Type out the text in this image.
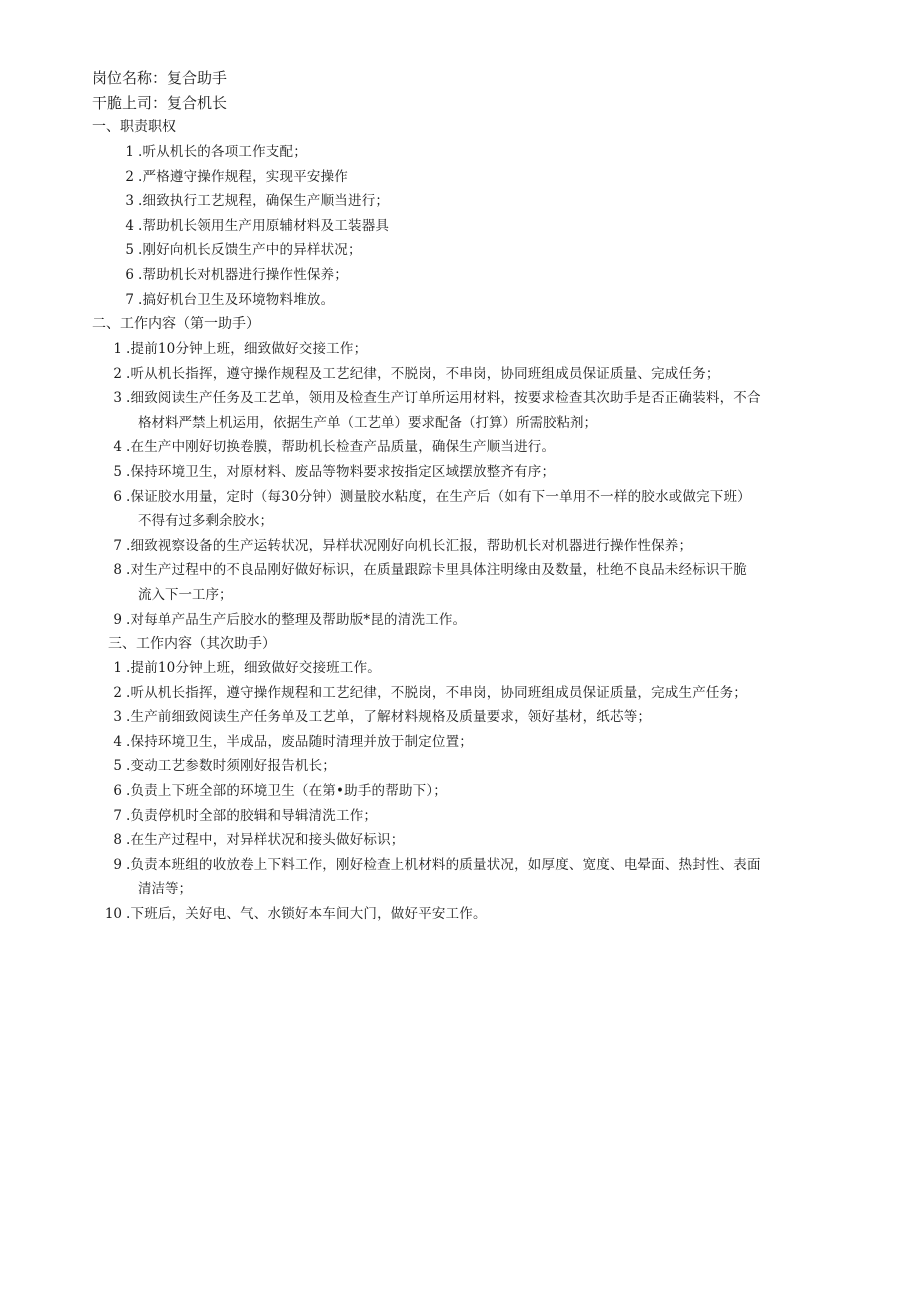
岗位名称：复合助手
干脆上司：复合机长
一、职责职权
1 .听从机长的各项工作支配；
2 .严格遵守操作规程，实现平安操作
3 .细致执行工艺规程，确保生产顺当进行；
4 .帮助机长领用生产用原辅材料及工装器具
5 .刚好向机长反馈生产中的异样状况；
6 .帮助机长对机器进行操作性保养；
7 .搞好机台卫生及环境物料堆放。
二、工作内容（第一助手）
1 .提前10分钟上班，细致做好交接工作；
2 .听从机长指挥，遵守操作规程及工艺纪律，不脱岗，不串岗，协同班组成员保证质量、完成任务；
3 .细致阅读生产任务及工艺单，领用及检查生产订单所运用材料，按要求检查其次助手是否正确装料，不合
格材料严禁上机运用，依据生产单（工艺单）要求配备（打算）所需胶粘剂；
4 .在生产中刚好切换卷膜，帮助机长检查产品质量，确保生产顺当进行。
5 .保持环境卫生，对原材料、废品等物料要求按指定区域摆放整齐有序；
6 .保证胶水用量，定时（每30分钟）测量胶水粘度，在生产后（如有下一单用不一样的胶水或做完下班）
不得有过多剩余胶水；
7 .细致视察设备的生产运转状况，异样状况刚好向机长汇报，帮助机长对机器进行操作性保养；
8 .对生产过程中的不良品刚好做好标识，在质量跟踪卡里具体注明缘由及数量，杜绝不良品未经标识干脆
流入下一工序；
9 .对每单产品生产后胶水的整理及帮助版*昆的清洗工作。
三、工作内容（其次助手）
1 .提前10分钟上班，细致做好交接班工作。
2 .听从机长指挥，遵守操作规程和工艺纪律，不脱岗，不串岗，协同班组成员保证质量，完成生产任务；
3 .生产前细致阅读生产任务单及工艺单，了解材料规格及质量要求，领好基材，纸芯等；
4 .保持环境卫生，半成品，废品随时清理并放于制定位置；
5 .变动工艺参数时须刚好报告机长；
6 .负责上下班全部的环境卫生（在第•助手的帮助下）；
7 .负责停机时全部的胶辑和导辑清洗工作；
8 .在生产过程中，对异样状况和接头做好标识；
9 .负责本班组的收放卷上下料工作，刚好检查上机材料的质量状况，如厚度、宽度、电晕面、热封性、表面
清洁等；
10 .下班后，关好电、气、水锁好本车间大门，做好平安工作。
